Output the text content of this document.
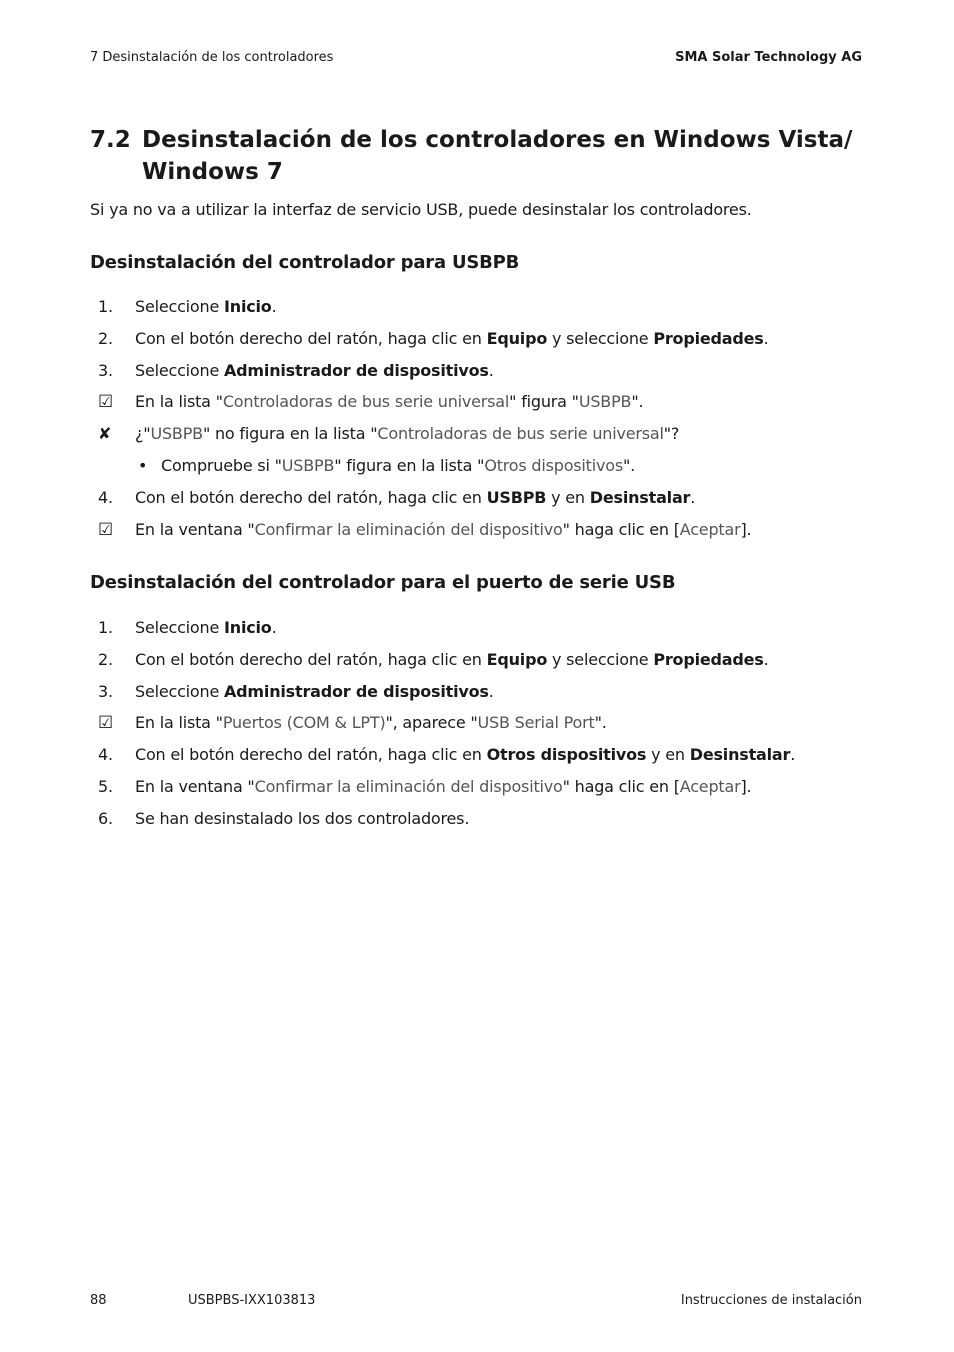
7 Desinstalación de los controladores	SMA Solar Technology AG
7.2 Desinstalación de los controladores en Windows Vista/
Windows 7
Si ya no va a utilizar la interfaz de servicio USB, puede desinstalar los controladores.
Desinstalación del controlador para USBPB
1. Seleccione Inicio.
2. Con el botón derecho del ratón, haga clic en Equipo y seleccione Propiedades.
3. Seleccione Administrador de dispositivos.
☑ En la lista "Controladoras de bus serie universal" figura "USBPB".
✘ ¿"USBPB" no figura en la lista "Controladoras de bus serie universal"?
• Compruebe si "USBPB" figura en la lista "Otros dispositivos".
4. Con el botón derecho del ratón, haga clic en USBPB y en Desinstalar.
☑ En la ventana "Confirmar la eliminación del dispositivo" haga clic en [Aceptar].
Desinstalación del controlador para el puerto de serie USB
1. Seleccione Inicio.
2. Con el botón derecho del ratón, haga clic en Equipo y seleccione Propiedades.
3. Seleccione Administrador de dispositivos.
☑ En la lista "Puertos (COM & LPT)", aparece "USB Serial Port".
4. Con el botón derecho del ratón, haga clic en Otros dispositivos y en Desinstalar.
5. En la ventana "Confirmar la eliminación del dispositivo" haga clic en [Aceptar].
6. Se han desinstalado los dos controladores.
88	USBPBS-IXX103813	Instrucciones de instalación
